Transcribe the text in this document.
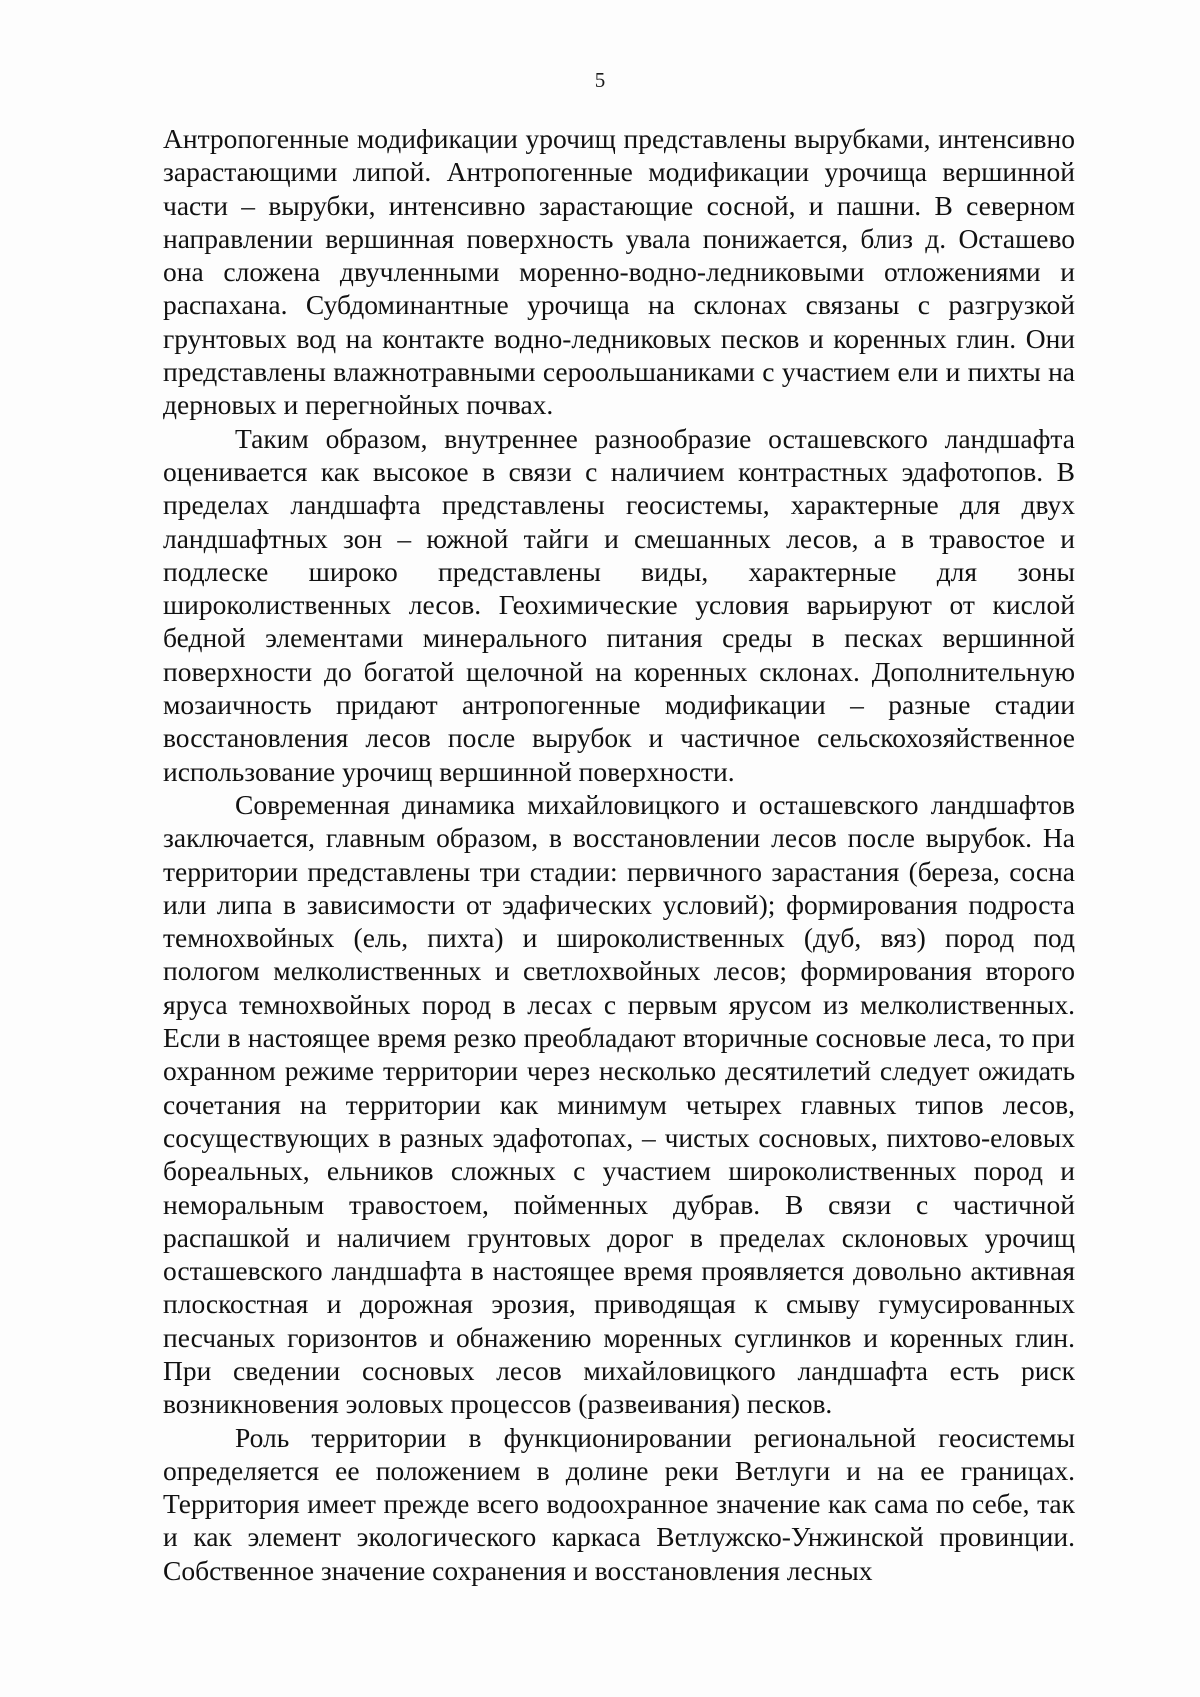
5

Антропогенные модификации урочищ представлены вырубками, интенсивно зарастающими липой. Антропогенные модификации урочища вершинной части – вырубки, интенсивно зарастающие сосной, и пашни. В северном направлении вершинная поверхность увала понижается, близ д. Осташево она сложена двучленными моренно-водно-ледниковыми отложениями и распахана. Субдоминантные урочища на склонах связаны с разгрузкой грунтовых вод на контакте водно-ледниковых песков и коренных глин. Они представлены влажнотравными сероольшаниками с участием ели и пихты на дерновых и перегнойных почвах.

Таким образом, внутреннее разнообразие осташевского ландшафта оценивается как высокое в связи с наличием контрастных эдафотопов. В пределах ландшафта представлены геосистемы, характерные для двух ландшафтных зон – южной тайги и смешанных лесов, а в травостое и подлеске широко представлены виды, характерные для зоны широколиственных лесов. Геохимические условия варьируют от кислой бедной элементами минерального питания среды в песках вершинной поверхности до богатой щелочной на коренных склонах. Дополнительную мозаичность придают антропогенные модификации – разные стадии восстановления лесов после вырубок и частичное сельскохозяйственное использование урочищ вершинной поверхности.

Современная динамика михайловицкого и осташевского ландшафтов заключается, главным образом, в восстановлении лесов после вырубок. На территории представлены три стадии: первичного зарастания (береза, сосна или липа в зависимости от эдафических условий); формирования подроста темнохвойных (ель, пихта) и широколиственных (дуб, вяз) пород под пологом мелколиственных и светлохвойных лесов; формирования второго яруса темнохвойных пород в лесах с первым ярусом из мелколиственных. Если в настоящее время резко преобладают вторичные сосновые леса, то при охранном режиме территории через несколько десятилетий следует ожидать сочетания на территории как минимум четырех главных типов лесов, сосуществующих в разных эдафотопах, – чистых сосновых, пихтово-еловых бореальных, ельников сложных с участием широколиственных пород и неморальным травостоем, пойменных дубрав. В связи с частичной распашкой и наличием грунтовых дорог в пределах склоновых урочищ осташевского ландшафта в настоящее время проявляется довольно активная плоскостная и дорожная эрозия, приводящая к смыву гумусированных песчаных горизонтов и обнажению моренных суглинков и коренных глин. При сведении сосновых лесов михайловицкого ландшафта есть риск возникновения эоловых процессов (развеивания) песков.

Роль территории в функционировании региональной геосистемы определяется ее положением в долине реки Ветлуги и на ее границах. Территория имеет прежде всего водоохранное значение как сама по себе, так и как элемент экологического каркаса Ветлужско-Унжинской провинции. Собственное значение сохранения и восстановления лесных
